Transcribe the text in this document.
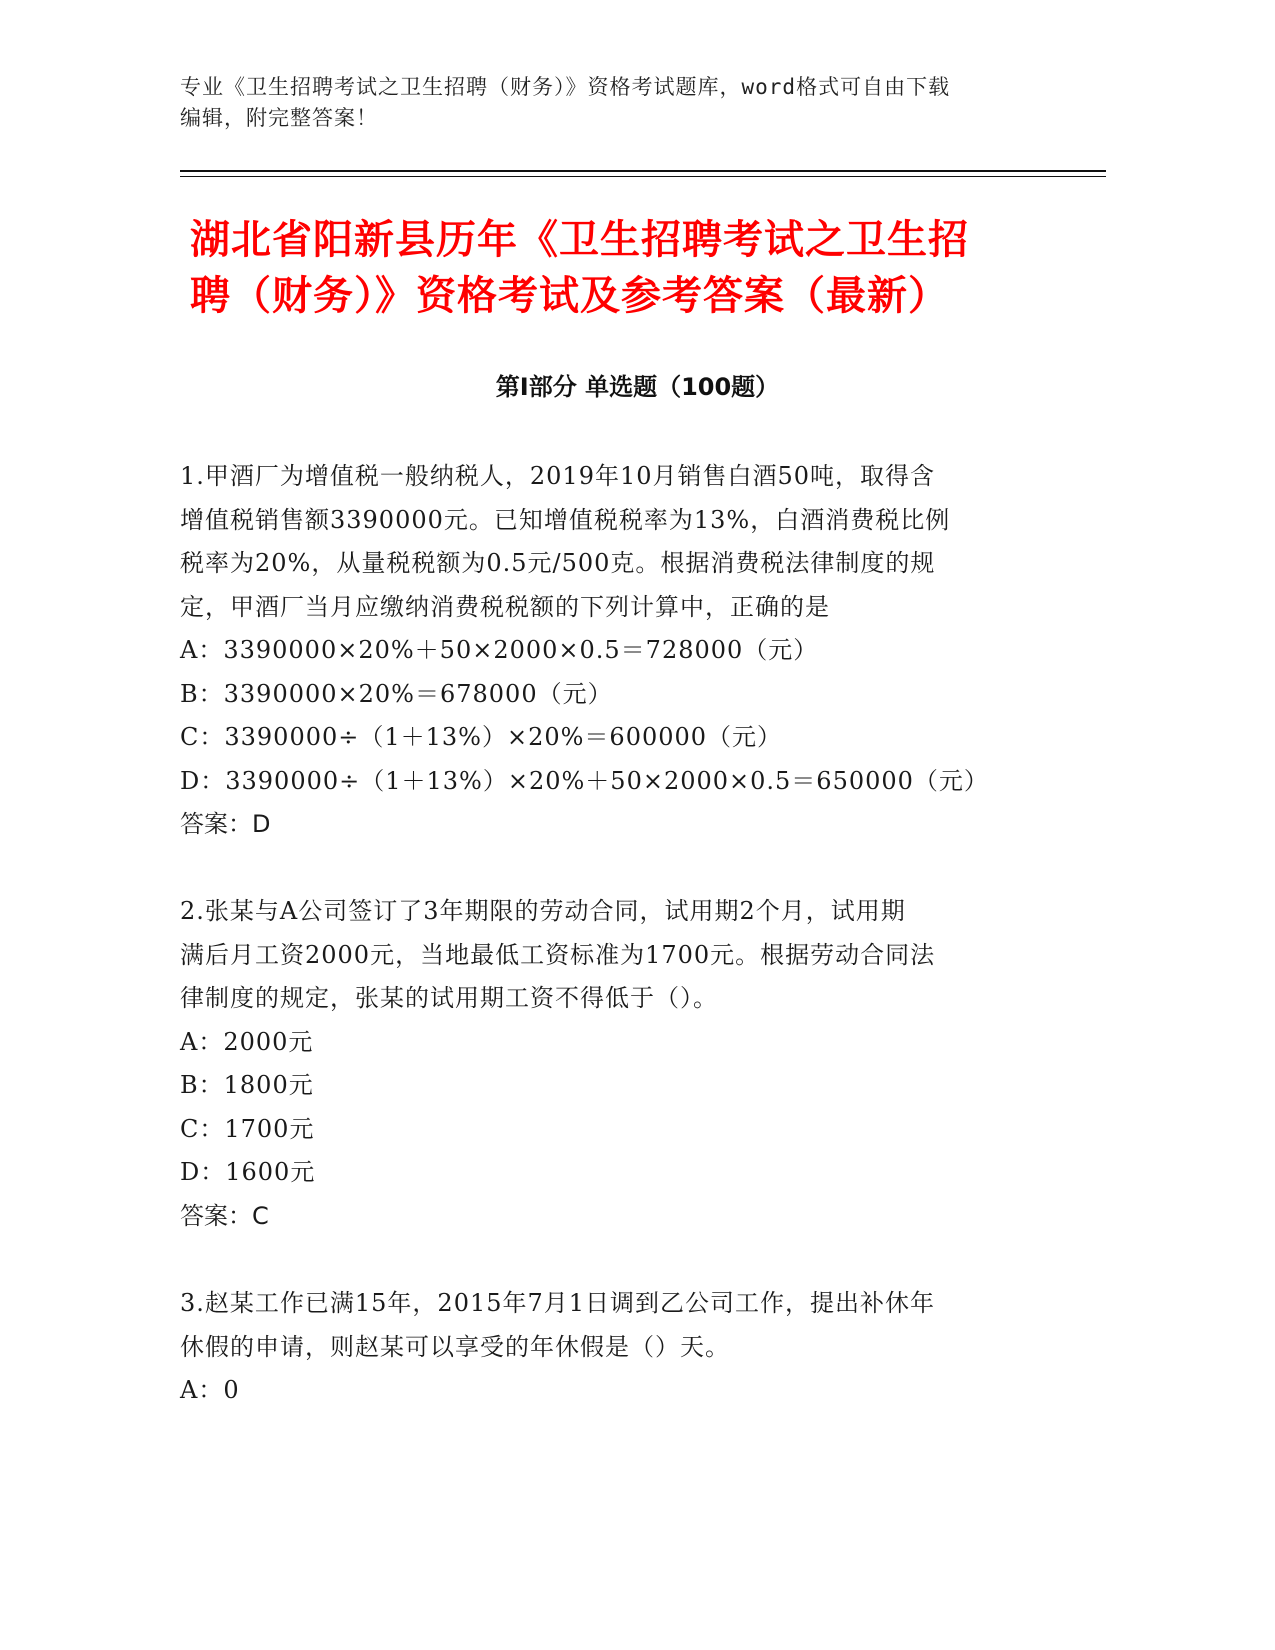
专业《卫生招聘考试之卫生招聘（财务）》资格考试题库，word格式可自由下载
编辑，附完整答案！
湖北省阳新县历年《卫生招聘考试之卫生招
聘（财务）》资格考试及参考答案（最新）
第Ⅰ部分 单选题（100题）

1.甲酒厂为增值税一般纳税人，2019年10月销售白酒50吨，取得含

增值税销售额3390000元。已知增值税税率为13%，白酒消费税比例

税率为20%，从量税税额为0.5元/500克。根据消费税法律制度的规

定，甲酒厂当月应缴纳消费税税额的下列计算中，正确的是

A：3390000×20%＋50×2000×0.5＝728000（元）

B：3390000×20%＝678000（元）

C：3390000÷（1＋13%）×20%＝600000（元）

D：3390000÷（1＋13%）×20%＋50×2000×0.5＝650000（元）

答案：D

2.张某与A公司签订了3年期限的劳动合同，试用期2个月，试用期

满后月工资2000元，当地最低工资标准为1700元。根据劳动合同法

律制度的规定，张某的试用期工资不得低于（）。

A：2000元

B：1800元

C：1700元

D：1600元

答案：C

3.赵某工作已满15年，2015年7月1日调到乙公司工作，提出补休年

休假的申请，则赵某可以享受的年休假是（）天。

A：0
